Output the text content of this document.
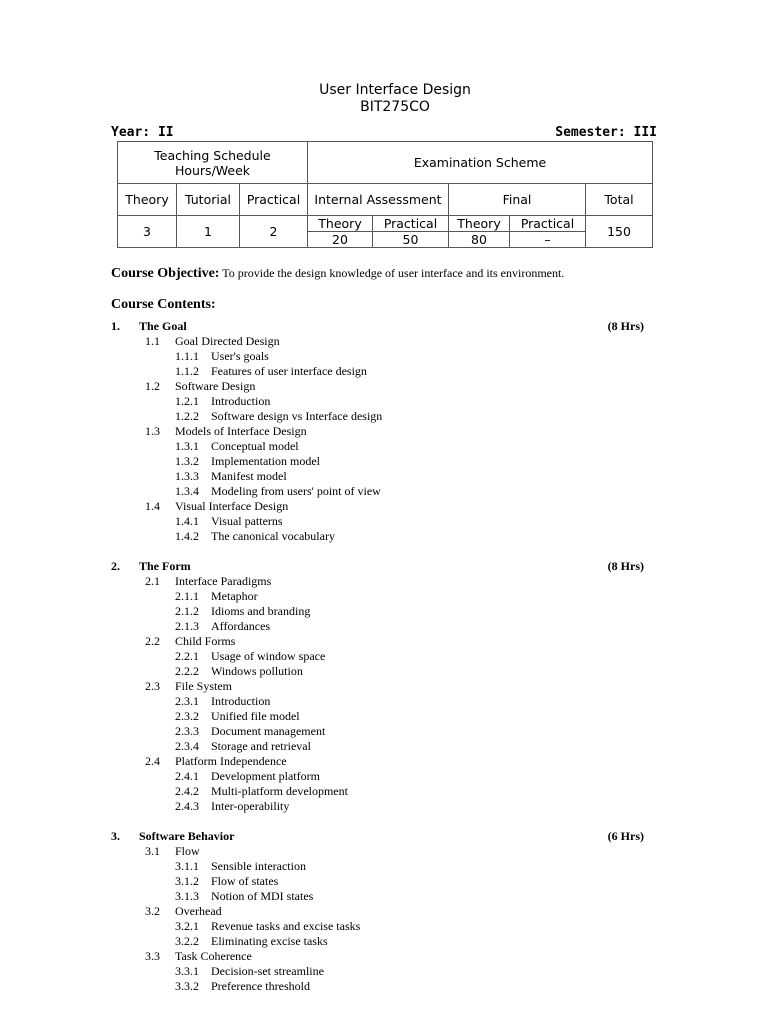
User Interface Design
BIT275CO
Year: II	Semester: III
Teaching Schedule Hours/Week			Examination Scheme				
Theory	Tutorial	Practical	Internal Assessment		Final		Total

3	1	2	Theory	Practical	Theory	Practical	150
			20	50	80	–	
Course Objective: To provide the design knowledge of user interface and its environment.
Course Contents:
1. The Goal	(8 Hrs)
1.1 Goal Directed Design
1.1.1 User's goals
1.1.2 Features of user interface design
1.2 Software Design
1.2.1 Introduction
1.2.2 Software design vs Interface design
1.3 Models of Interface Design
1.3.1 Conceptual model
1.3.2 Implementation model
1.3.3 Manifest model
1.3.4 Modeling from users' point of view
1.4 Visual Interface Design
1.4.1 Visual patterns
1.4.2 The canonical vocabulary
2. The Form	(8 Hrs)
2.1 Interface Paradigms
2.1.1 Metaphor
2.1.2 Idioms and branding
2.1.3 Affordances
2.2 Child Forms
2.2.1 Usage of window space
2.2.2 Windows pollution
2.3 File System
2.3.1 Introduction
2.3.2 Unified file model
2.3.3 Document management
2.3.4 Storage and retrieval
2.4 Platform Independence
2.4.1 Development platform
2.4.2 Multi-platform development
2.4.3 Inter-operability
3. Software Behavior	(6 Hrs)
3.1 Flow
3.1.1 Sensible interaction
3.1.2 Flow of states
3.1.3 Notion of MDI states
3.2 Overhead
3.2.1 Revenue tasks and excise tasks
3.2.2 Eliminating excise tasks
3.3 Task Coherence
3.3.1 Decision-set streamline
3.3.2 Preference threshold
